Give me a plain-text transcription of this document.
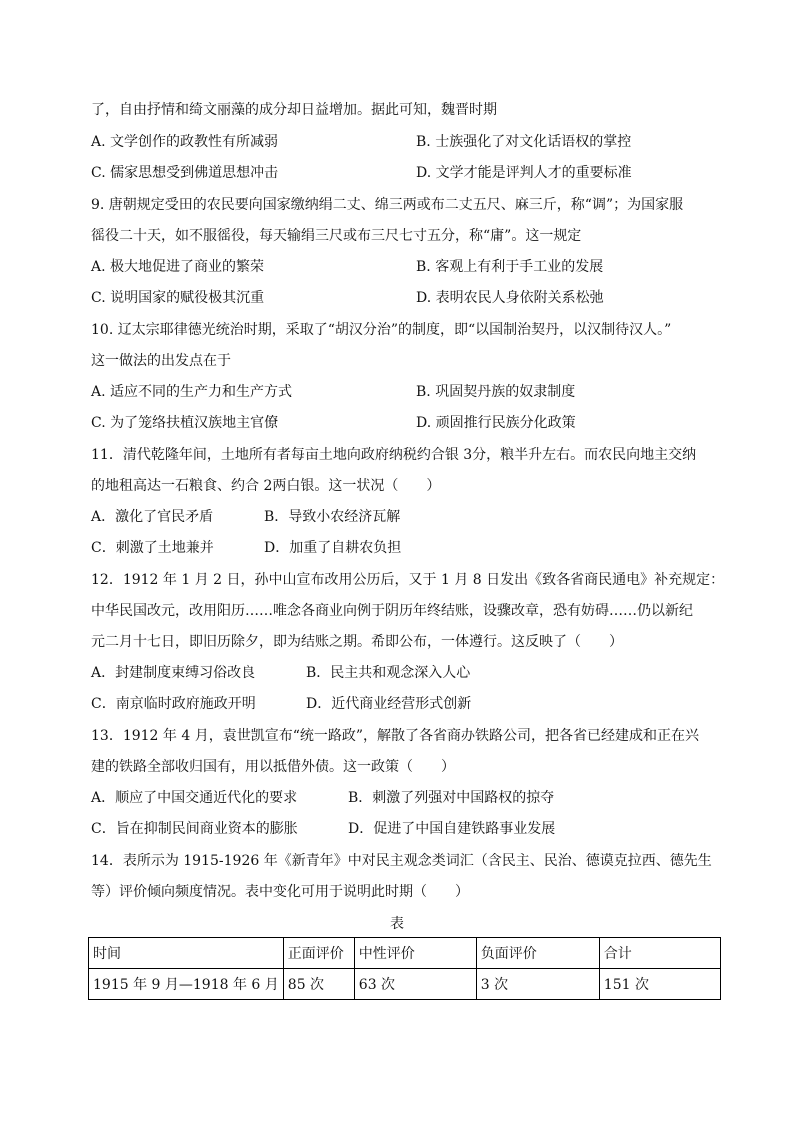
了，自由抒情和绮文丽藻的成分却日益增加。据此可知，魏晋时期
A. 文学创作的政教性有所减弱	B. 士族强化了对文化话语权的掌控
C. 儒家思想受到佛道思想冲击	D. 文学才能是评判人才的重要标准
9. 唐朝规定受田的农民要向国家缴纳绢二丈、绵三两或布二丈五尺、麻三斤，称“调”；为国家服
徭役二十天，如不服徭役，每天输绢三尺或布三尺七寸五分，称“庸”。这一规定
A. 极大地促进了商业的繁荣	B. 客观上有利于手工业的发展
C. 说明国家的赋役极其沉重	D. 表明农民人身依附关系松弛
10. 辽太宗耶律德光统治时期，采取了“胡汉分治”的制度，即“以国制治契丹，以汉制待汉人。”
这一做法的出发点在于
A. 适应不同的生产力和生产方式	B. 巩固契丹族的奴隶制度
C. 为了笼络扶植汉族地主官僚	D. 顽固推行民族分化政策
11．清代乾隆年间，土地所有者每亩土地向政府纳税约合银 3分，粮半升左右。而农民向地主交纳
的地租高达一石粮食、约合 2两白银。这一状况（　　）
A．激化了官民矛盾	B．导致小农经济瓦解
C．刺激了土地兼并	D．加重了自耕农负担
12．1912 年 1 月 2 日，孙中山宣布改用公历后，又于 1 月 8 日发出《致各省商民通电》补充规定：
中华民国改元，改用阳历……唯念各商业向例于阴历年终结账，设骤改章，恐有妨碍……仍以新纪
元二月十七日，即旧历除夕，即为结账之期。希即公布，一体遵行。这反映了（　　）
A．封建制度束缚习俗改良	B．民主共和观念深入人心
C．南京临时政府施政开明	D．近代商业经营形式创新
13．1912 年 4 月，袁世凯宣布“统一路政”，解散了各省商办铁路公司，把各省已经建成和正在兴
建的铁路全部收归国有，用以抵借外债。这一政策（　　）
A．顺应了中国交通近代化的要求	B．刺激了列强对中国路权的掠夺
C．旨在抑制民间商业资本的膨胀	D．促进了中国自建铁路事业发展
14．表所示为 1915-1926 年《新青年》中对民主观念类词汇（含民主、民治、德谟克拉西、德先生
等）评价倾向频度情况。表中变化可用于说明此时期（　　）
表
时间	正面评价	中性评价	负面评价	合计
1915 年 9 月—1918 年 6 月	85 次	63 次	3 次	151 次
